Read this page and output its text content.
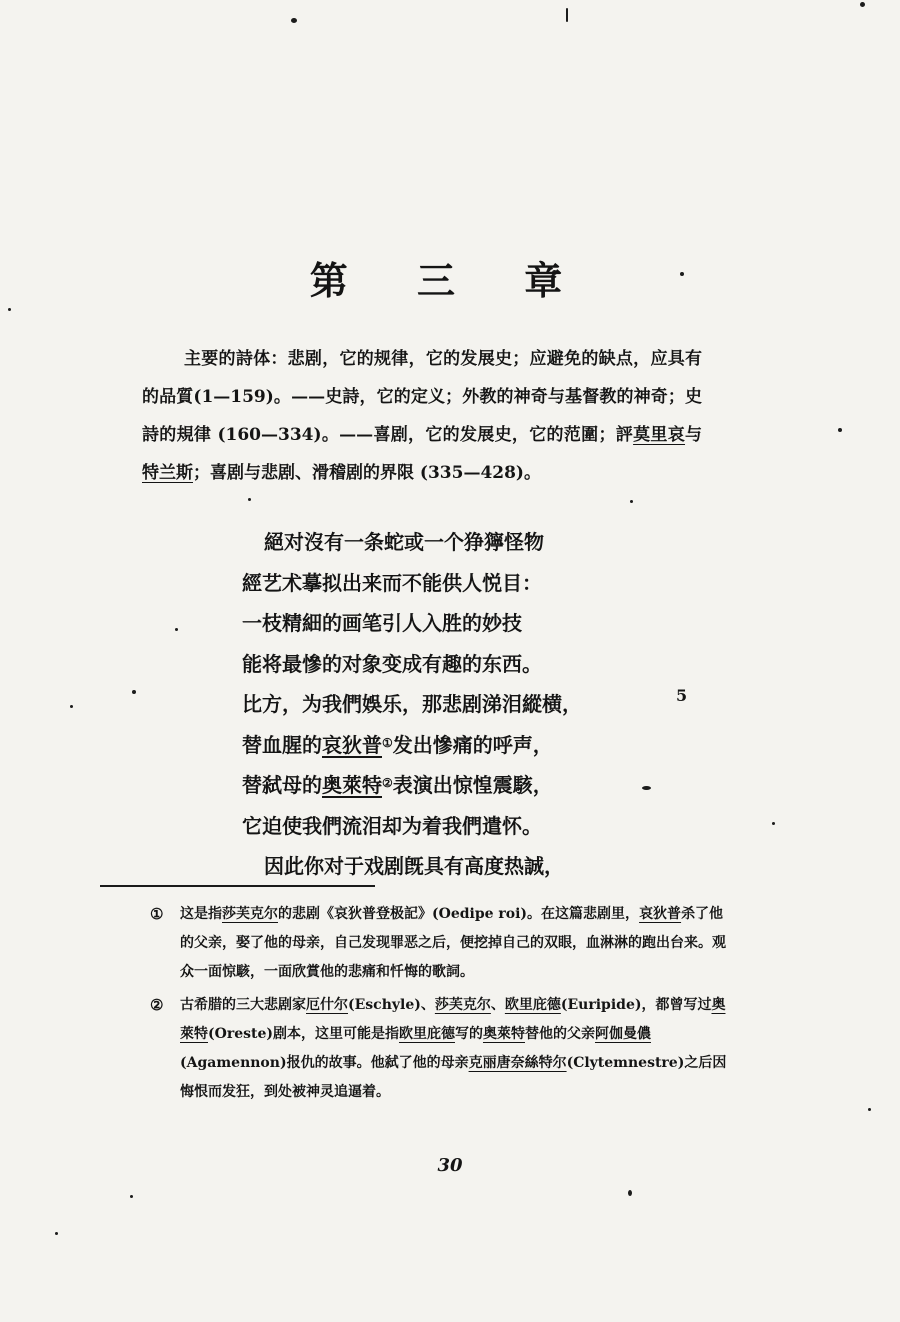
第 三 章
主要的詩体：悲剧，它的规律，它的发展史；应避免的缺点，应具有的品質(1—159)。——史詩，它的定义；外教的神奇与基督教的神奇；史詩的規律 (160—334)。——喜剧，它的发展史，它的范圍；評莫里哀与特兰斯；喜剧与悲剧、滑稽剧的界限 (335—428)。
絕对沒有一条蛇或一个狰獰怪物
經艺术摹拟出来而不能供人悦目：
一枝精細的画笔引人入胜的妙技
能将最慘的对象变成有趣的东西。
比方，为我們娛乐，那悲剧涕泪縱横，
替血腥的哀狄普①发出慘痛的呼声，
替弑母的奥萊特②表演出惊惶震駭，
它迫使我們流泪却为着我們遣怀。
因此你对于戏剧旣具有高度热誠，
5
① 这是指莎芙克尔的悲剧《哀狄普登极記》(Oedipe roi)。在这篇悲剧里，哀狄普杀了他的父亲，娶了他的母亲，自己发现罪恶之后，便挖掉自己的双眼，血淋淋的跑出台来。观众一面惊駭，一面欣賞他的悲痛和忏悔的歌詞。
② 古希腊的三大悲剧家厄什尔(Eschyle)、莎芙克尔、欧里庇德(Euripide)，都曾写过奥萊特(Oreste)剧本，这里可能是指欧里庇德写的奥萊特替他的父亲阿伽曼儂(Agamennon)报仇的故事。他弑了他的母亲克丽唐奈絲特尔(Clytemnestre)之后因悔恨而发狂，到处被神灵追逼着。
30
